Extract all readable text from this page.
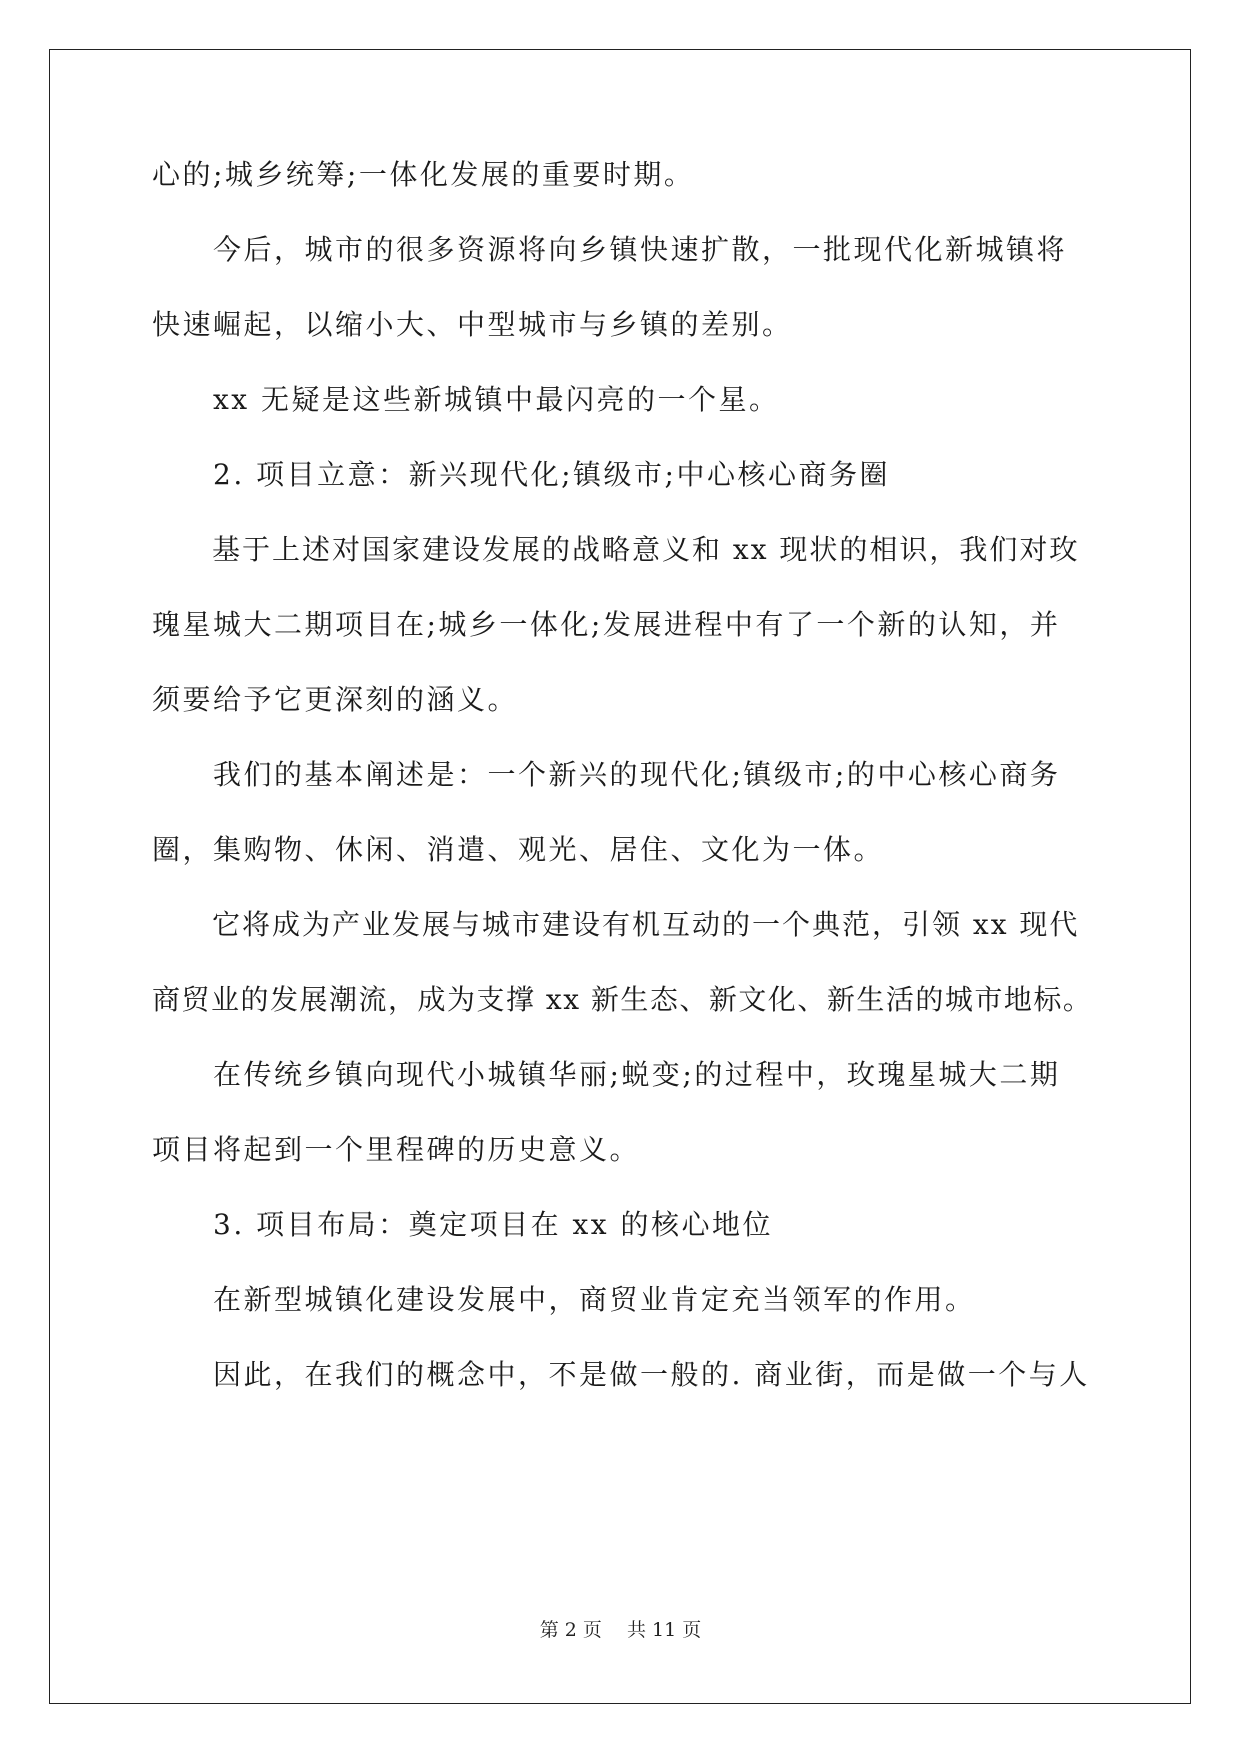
心的;城乡统筹;一体化发展的重要时期。
　　今后，城市的很多资源将向乡镇快速扩散，一批现代化新城镇将
快速崛起，以缩小大、中型城市与乡镇的差别。
　　xx 无疑是这些新城镇中最闪亮的一个星。
　　2. 项目立意：新兴现代化;镇级市;中心核心商务圈
　　基于上述对国家建设发展的战略意义和 xx 现状的相识，我们对玫
瑰星城大二期项目在;城乡一体化;发展进程中有了一个新的认知，并
须要给予它更深刻的涵义。
　　我们的基本阐述是：一个新兴的现代化;镇级市;的中心核心商务
圈，集购物、休闲、消遣、观光、居住、文化为一体。
　　它将成为产业发展与城市建设有机互动的一个典范，引领 xx 现代
商贸业的发展潮流，成为支撑 xx 新生态、新文化、新生活的城市地标。
　　在传统乡镇向现代小城镇华丽;蜕变;的过程中，玫瑰星城大二期
项目将起到一个里程碑的历史意义。
　　3. 项目布局：奠定项目在 xx 的核心地位
　　在新型城镇化建设发展中，商贸业肯定充当领军的作用。
　　因此，在我们的概念中，不是做一般的. 商业街，而是做一个与人
第 2 页　 共 11 页
